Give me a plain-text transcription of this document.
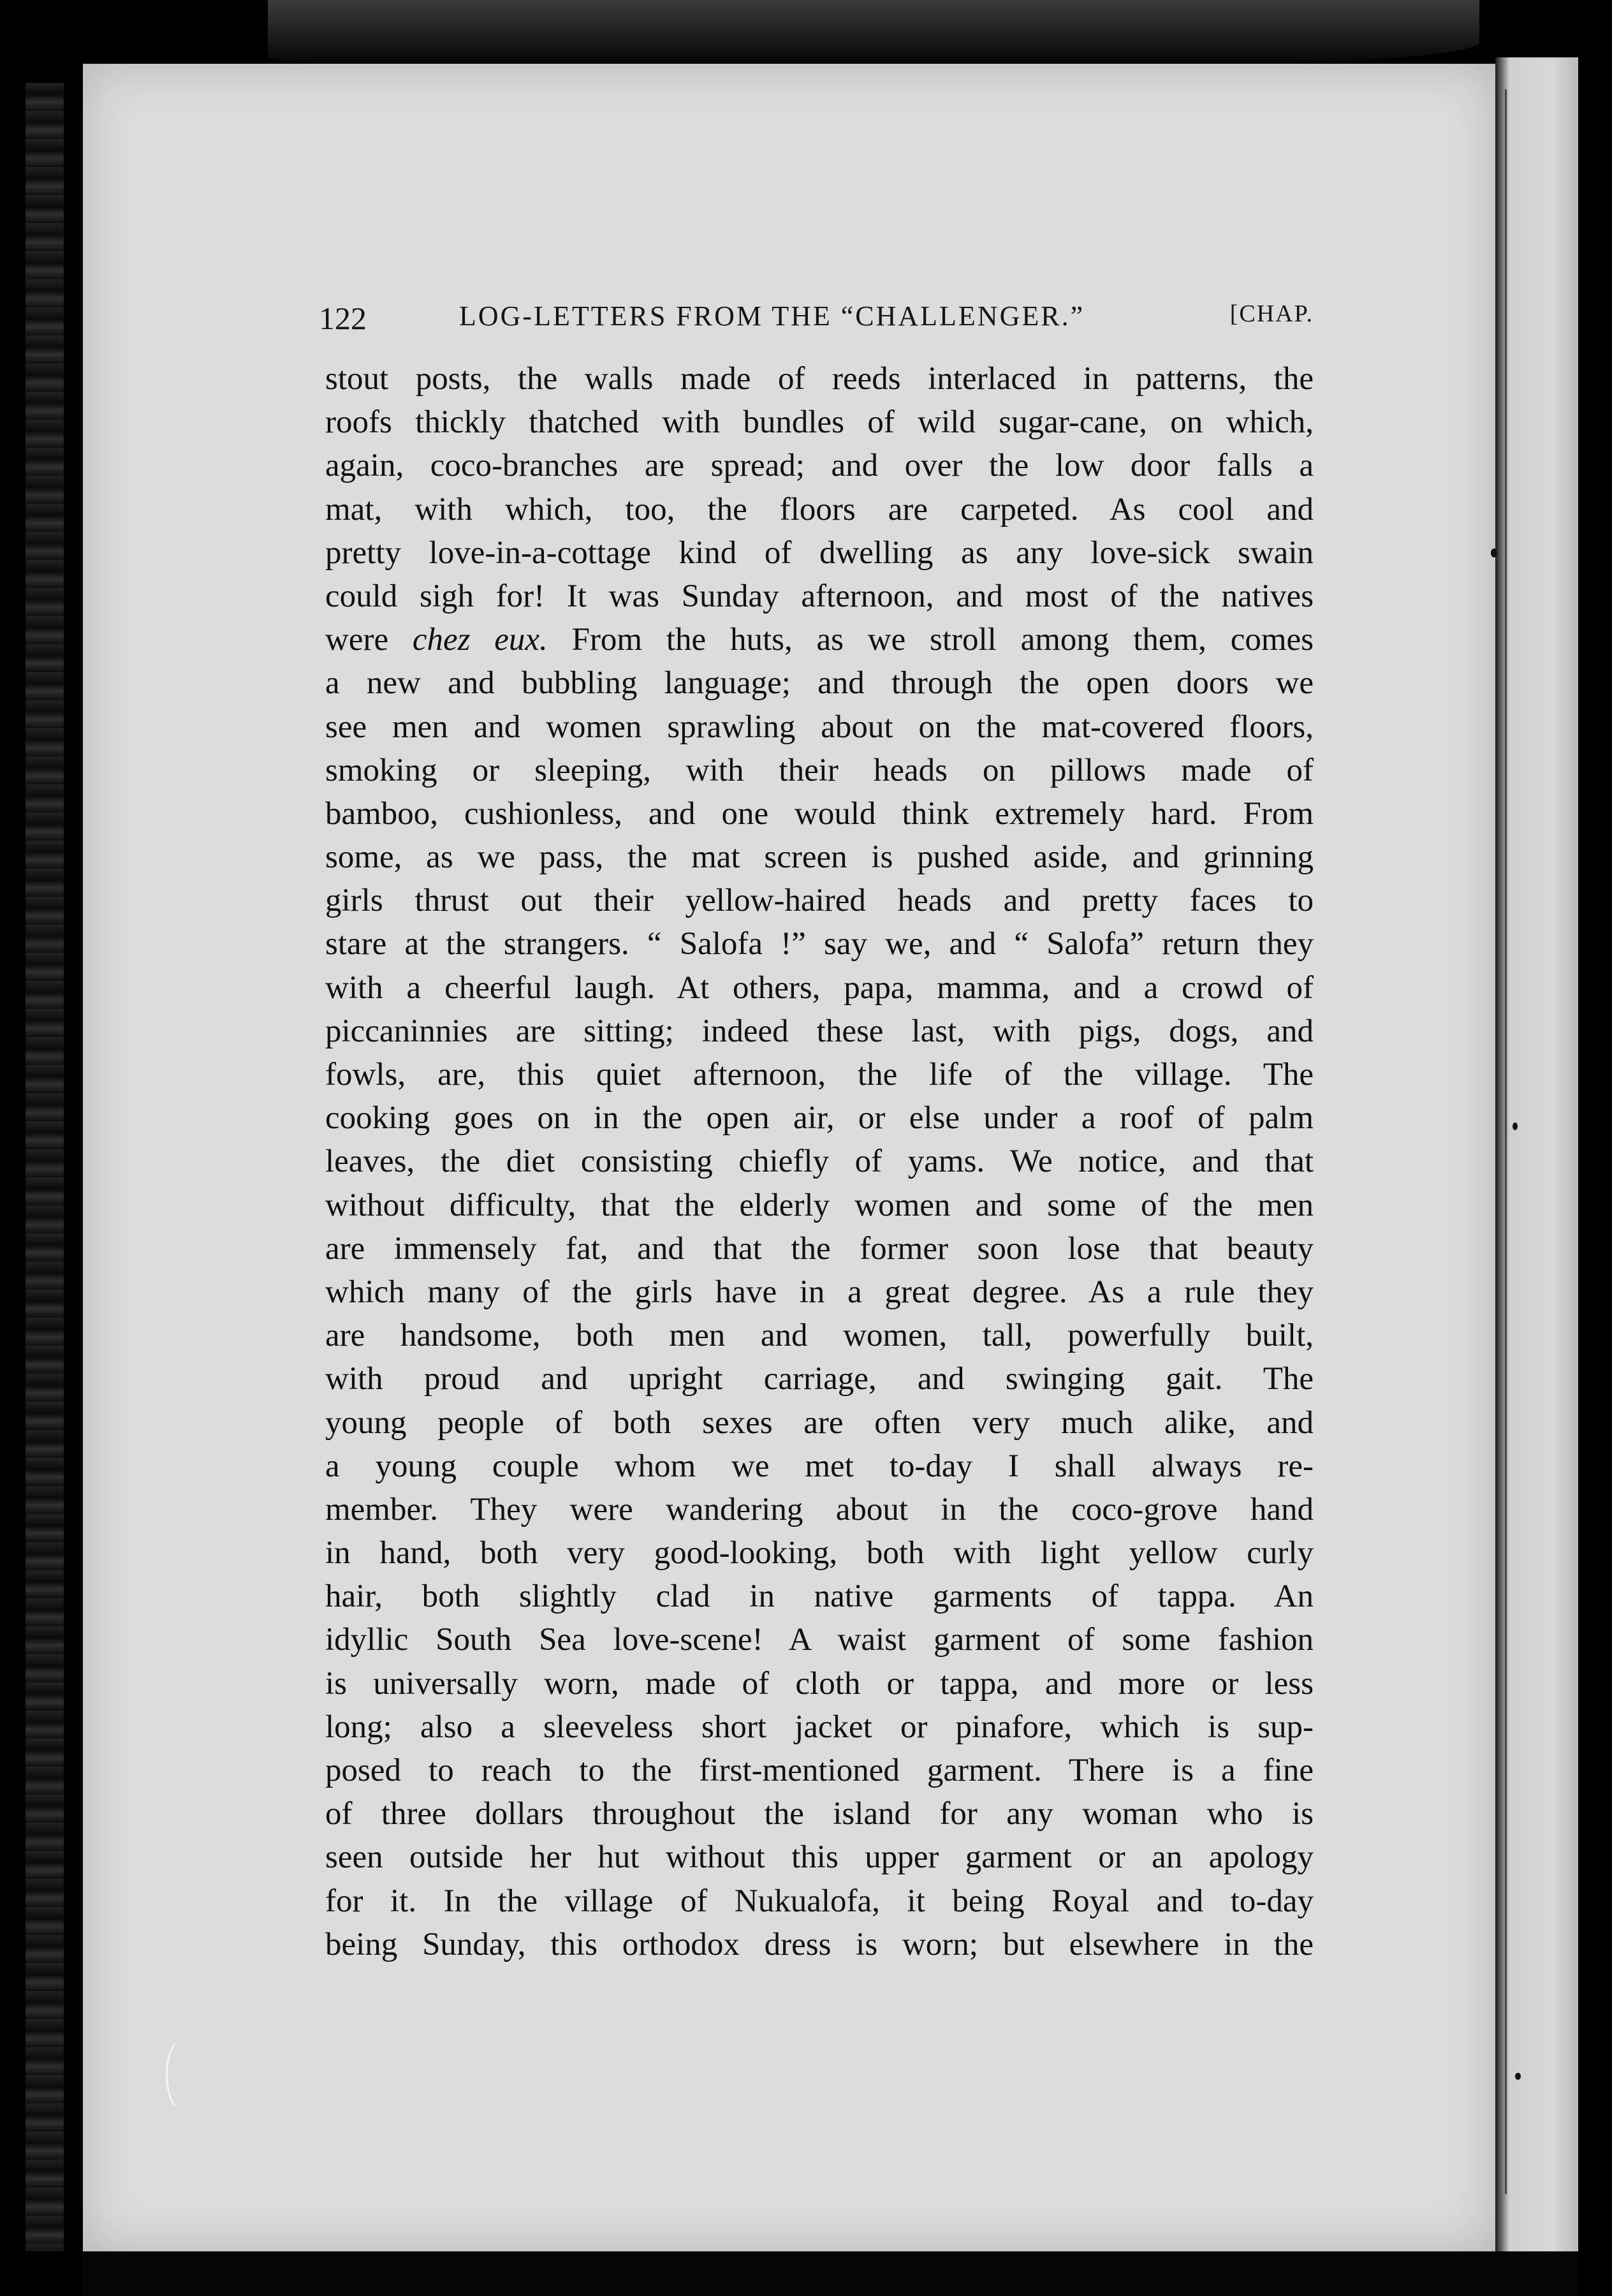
122	LOG-LETTERS FROM THE “CHALLENGER.”	[CHAP.
stout posts, the walls made of reeds interlaced in patterns, the
roofs thickly thatched with bundles of wild sugar-cane, on which,
again, coco-branches are spread; and over the low door falls a
mat, with which, too, the floors are carpeted. As cool and
pretty love-in-a-cottage kind of dwelling as any love-sick swain
could sigh for! It was Sunday afternoon, and most of the natives
were chez eux. From the huts, as we stroll among them, comes
a new and bubbling language; and through the open doors we
see men and women sprawling about on the mat-covered floors,
smoking or sleeping, with their heads on pillows made of
bamboo, cushionless, and one would think extremely hard. From
some, as we pass, the mat screen is pushed aside, and grinning
girls thrust out their yellow-haired heads and pretty faces to
stare at the strangers. “ Salofa !” say we, and “ Salofa” return they
with a cheerful laugh. At others, papa, mamma, and a crowd of
piccaninnies are sitting; indeed these last, with pigs, dogs, and
fowls, are, this quiet afternoon, the life of the village. The
cooking goes on in the open air, or else under a roof of palm
leaves, the diet consisting chiefly of yams. We notice, and that
without difficulty, that the elderly women and some of the men
are immensely fat, and that the former soon lose that beauty
which many of the girls have in a great degree. As a rule they
are handsome, both men and women, tall, powerfully built,
with proud and upright carriage, and swinging gait. The
young people of both sexes are often very much alike, and
a young couple whom we met to-day I shall always re-
member. They were wandering about in the coco-grove hand
in hand, both very good-looking, both with light yellow curly
hair, both slightly clad in native garments of tappa. An
idyllic South Sea love-scene! A waist garment of some fashion
is universally worn, made of cloth or tappa, and more or less
long; also a sleeveless short jacket or pinafore, which is sup-
posed to reach to the first-mentioned garment. There is a fine
of three dollars throughout the island for any woman who is
seen outside her hut without this upper garment or an apology
for it. In the village of Nukualofa, it being Royal and to-day
being Sunday, this orthodox dress is worn; but elsewhere in the
